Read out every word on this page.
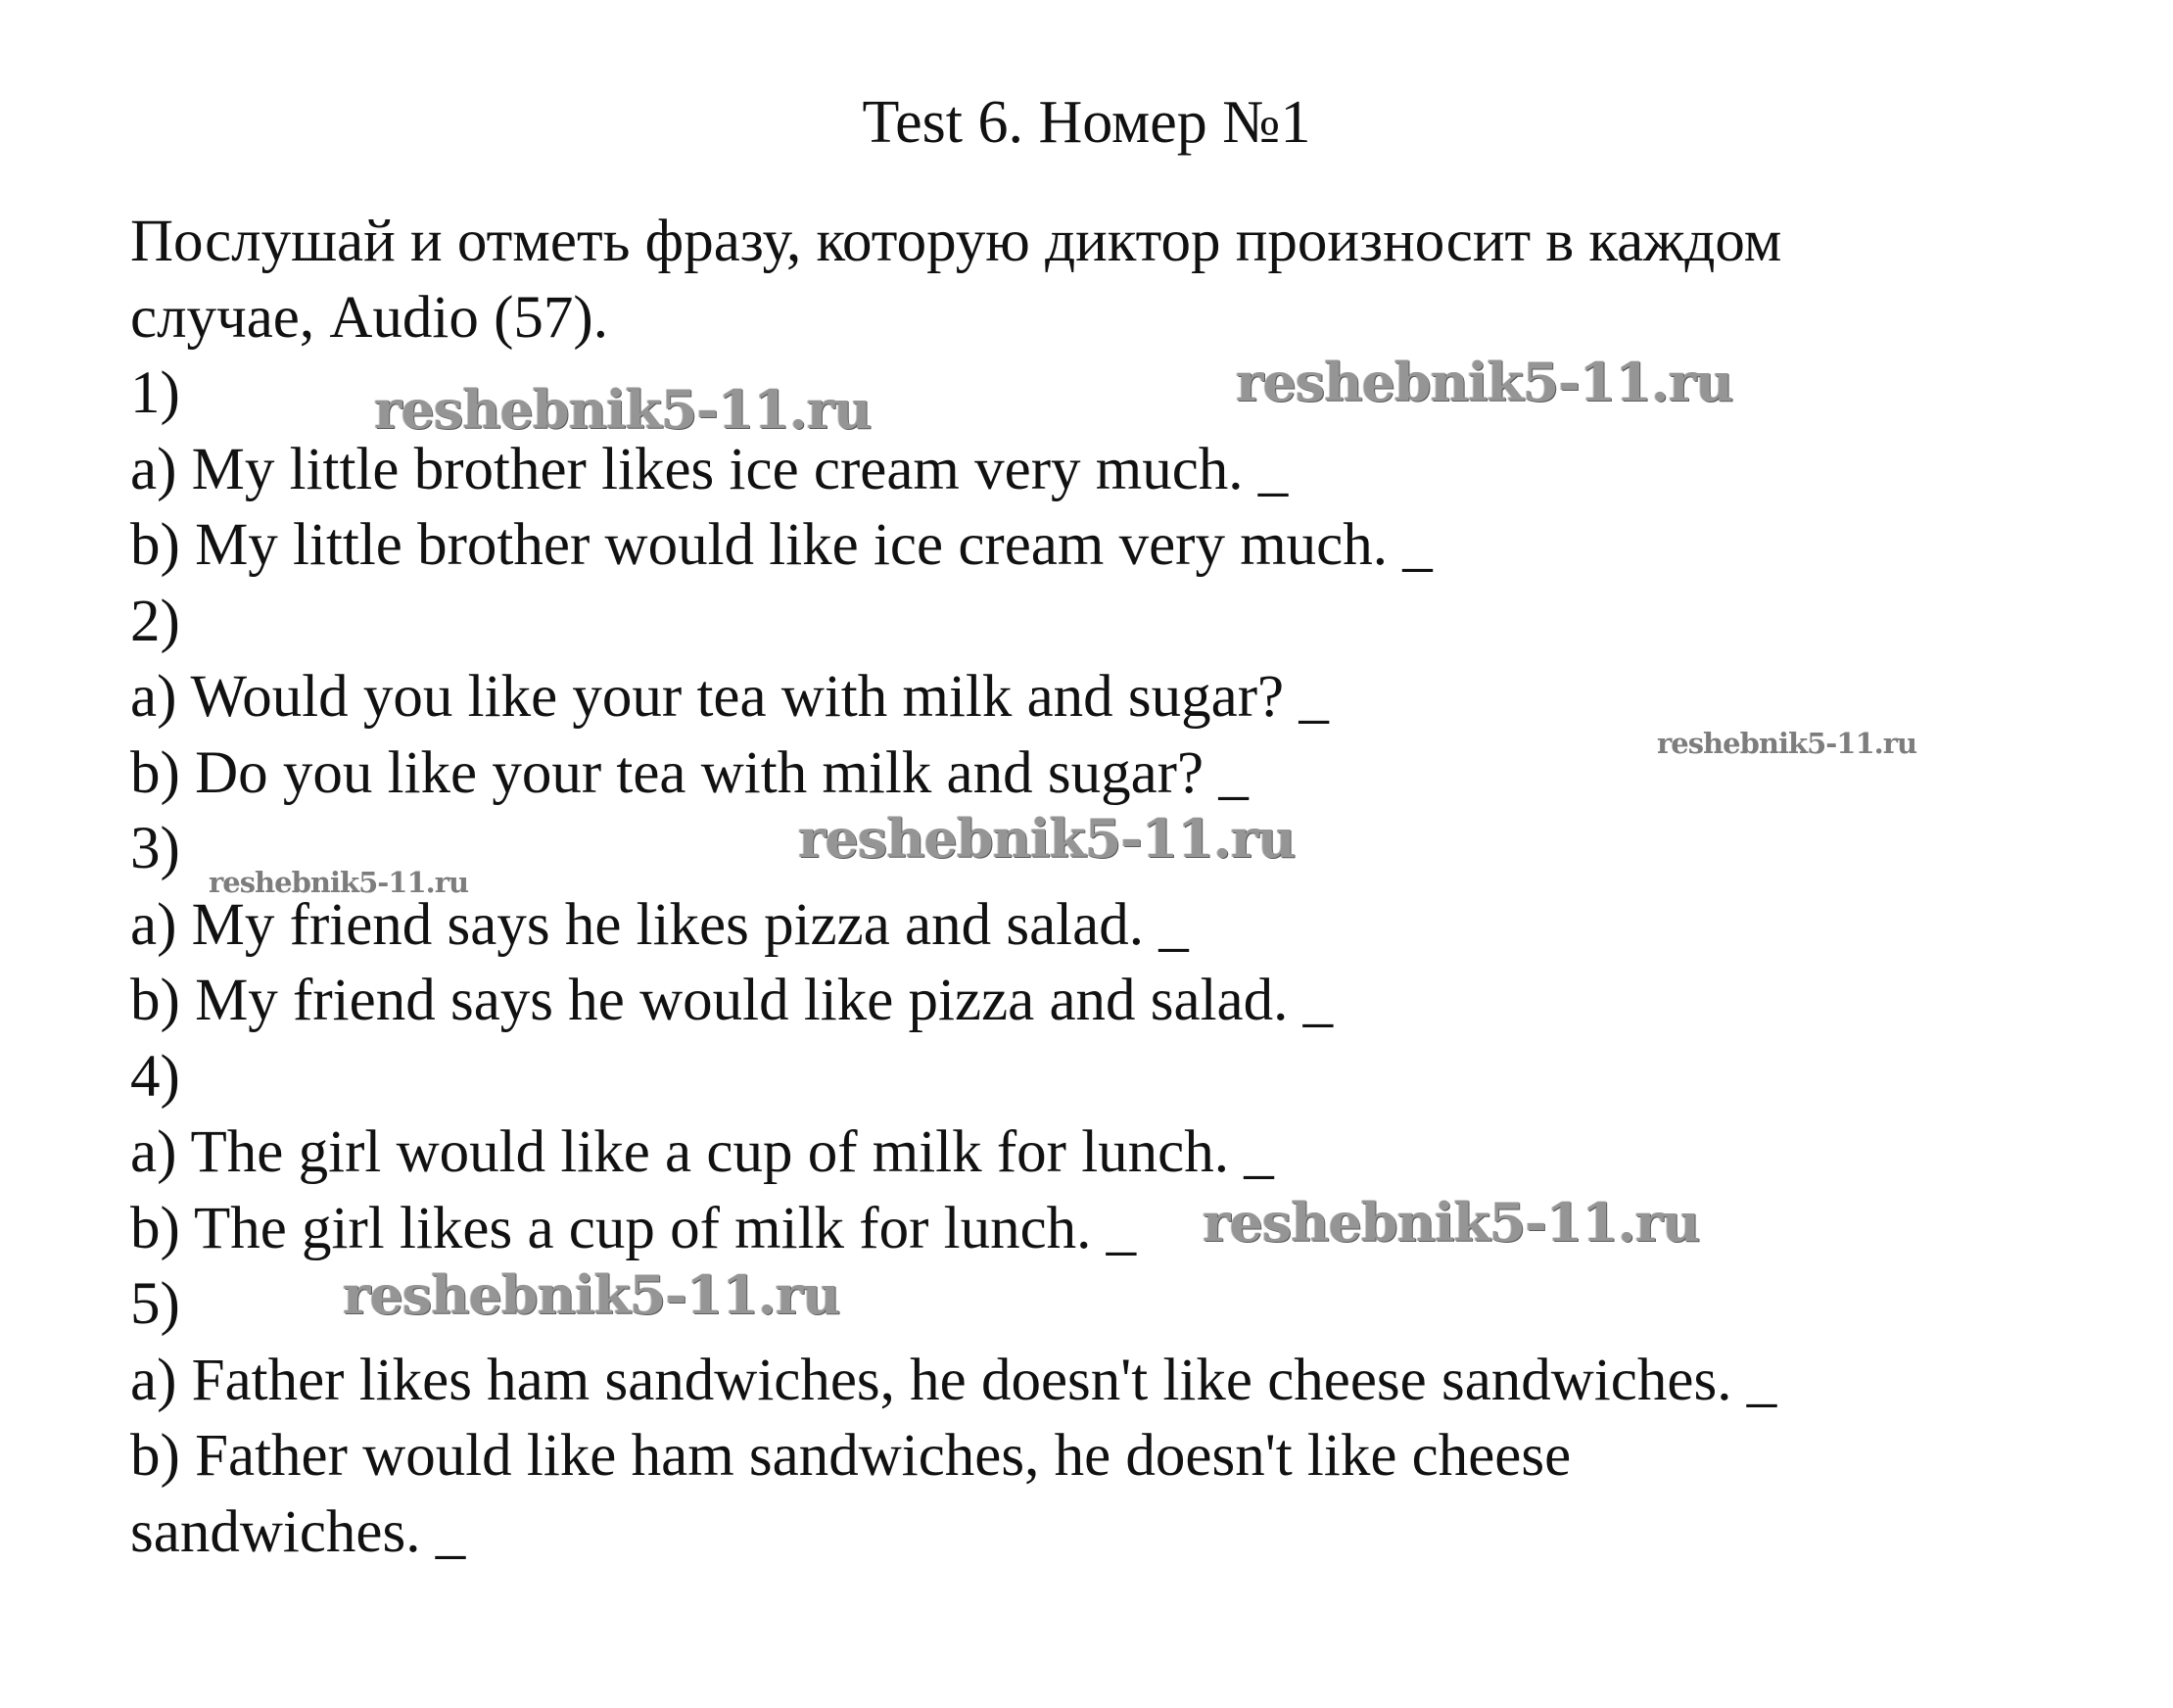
Test 6. Номер №1
Послушай и отметь фразу, которую диктор произносит в каждом
случае, Audio (57).
1)
a) My little brother likes ice cream very much. _
b) My little brother would like ice cream very much. _
2)
a) Would you like your tea with milk and sugar? _
b) Do you like your tea with milk and sugar? _
3)
a) My friend says he likes pizza and salad. _
b) My friend says he would like pizza and salad. _
4)
a) The girl would like a cup of milk for lunch. _
b) The girl likes a cup of milk for lunch. _
5)
a) Father likes ham sandwiches, he doesn't like cheese sandwiches. _
b) Father would like ham sandwiches, he doesn't like cheese
sandwiches. _
reshebnik5-11.ru	reshebnik5-11.ru
reshebnik5-11.ru
reshebnik5-11.ru
reshebnik5-11.ru
reshebnik5-11.ru
reshebnik5-11.ru
